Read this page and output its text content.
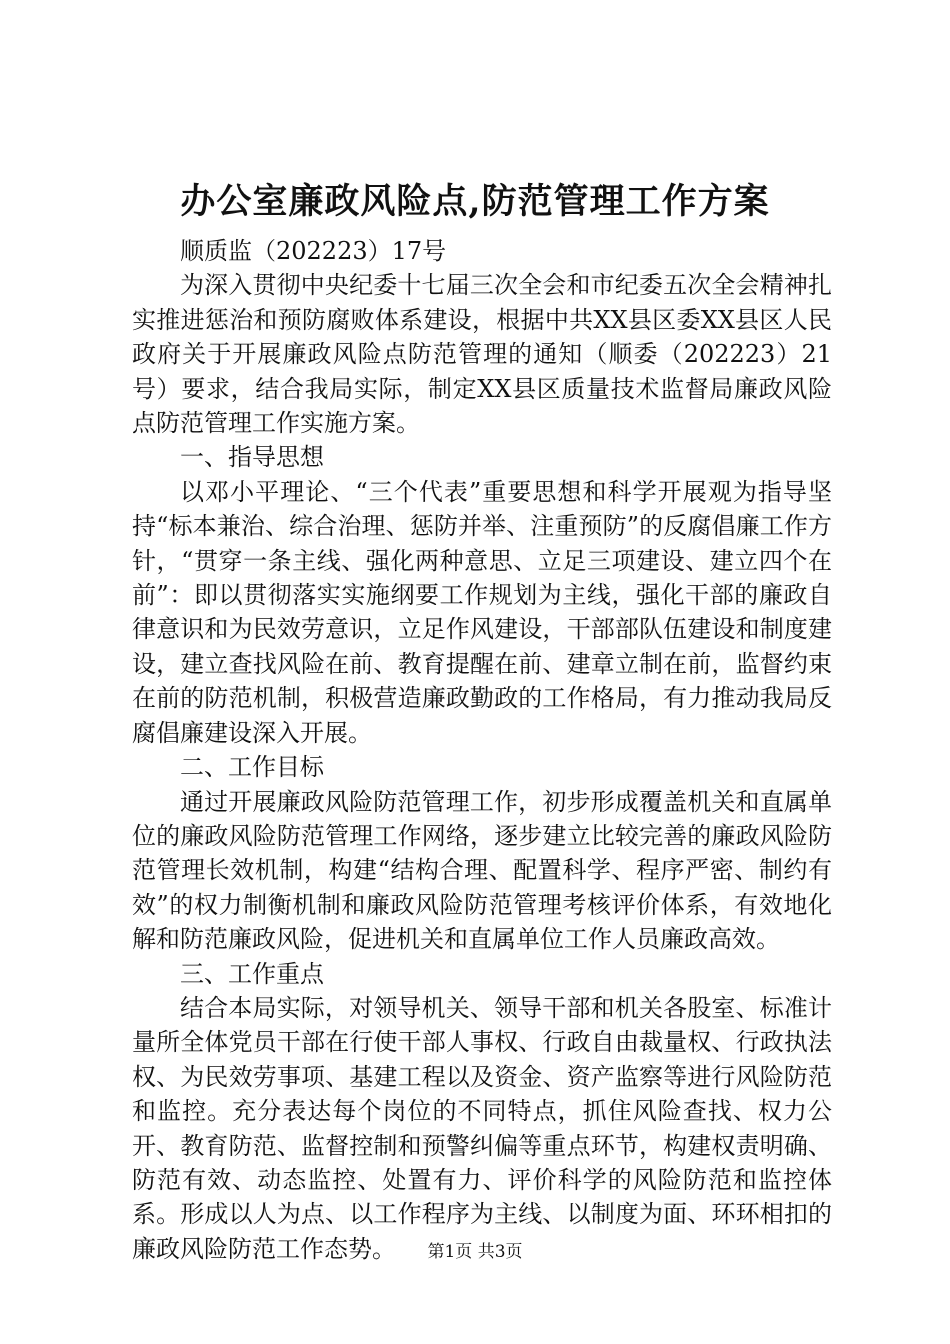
办公室廉政风险点,防范管理工作方案

顺质监（202223）17号

为深入贯彻中央纪委十七届三次全会和市纪委五次全会精神扎实推进惩治和预防腐败体系建设，根据中共XX县区委XX县区人民政府关于开展廉政风险点防范管理的通知（顺委（202223）21号）要求，结合我局实际，制定XX县区质量技术监督局廉政风险点防范管理工作实施方案。

一、指导思想

以邓小平理论、“三个代表”重要思想和科学开展观为指导坚持“标本兼治、综合治理、惩防并举、注重预防”的反腐倡廉工作方针，“贯穿一条主线、强化两种意思、立足三项建设、建立四个在前”：即以贯彻落实实施纲要工作规划为主线，强化干部的廉政自律意识和为民效劳意识，立足作风建设，干部部队伍建设和制度建设，建立查找风险在前、教育提醒在前、建章立制在前，监督约束在前的防范机制，积极营造廉政勤政的工作格局，有力推动我局反腐倡廉建设深入开展。

二、工作目标

通过开展廉政风险防范管理工作，初步形成覆盖机关和直属单位的廉政风险防范管理工作网络，逐步建立比较完善的廉政风险防范管理长效机制，构建“结构合理、配置科学、程序严密、制约有效”的权力制衡机制和廉政风险防范管理考核评价体系，有效地化解和防范廉政风险，促进机关和直属单位工作人员廉政高效。

三、工作重点

结合本局实际，对领导机关、领导干部和机关各股室、标准计量所全体党员干部在行使干部人事权、行政自由裁量权、行政执法权、为民效劳事项、基建工程以及资金、资产监察等进行风险防范和监控。充分表达每个岗位的不同特点，抓住风险查找、权力公开、教育防范、监督控制和预警纠偏等重点环节，构建权责明确、防范有效、动态监控、处置有力、评价科学的风险防范和监控体系。形成以人为点、以工作程序为主线、以制度为面、环环相扣的廉政风险防范工作态势。	第1页 共3页
